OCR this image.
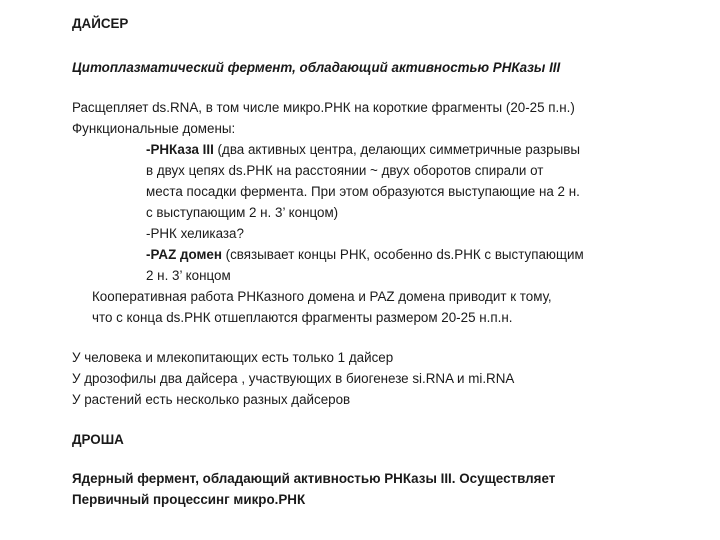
ДАЙСЕР
Цитоплазматический фермент, обладающий активностью РНКазы III
Расщепляет ds.RNA, в том числе микро.РНК на короткие фрагменты (20-25 п.н.)
Функциональные домены:
-РНКаза III (два активных центра, делающих симметричные разрывы
в двух цепях ds.РНК на расстоянии ~ двух оборотов спирали от
места посадки фермента. При этом образуются выступающие на 2 н.
с выступающим 2 н. 3’ концом)
-РНК хеликаза?
-PAZ домен (связывает концы РНК, особенно ds.РНК с выступающим
2 н. 3’ концом
Кооперативная работа РНКазного домена и PAZ домена приводит к тому,
что с конца ds.РНК отшеплаются фрагменты размером 20-25 н.п.н.
У человека и млекопитающих есть только 1 дайсер
У дрозофилы два дайсера , участвующих в биогенезе si.RNA и mi.RNA
У растений есть несколько разных дайсеров
ДРОША
Ядерный фермент, обладающий активностью РНКазы III. Осуществляет
Первичный процессинг микро.РНК
